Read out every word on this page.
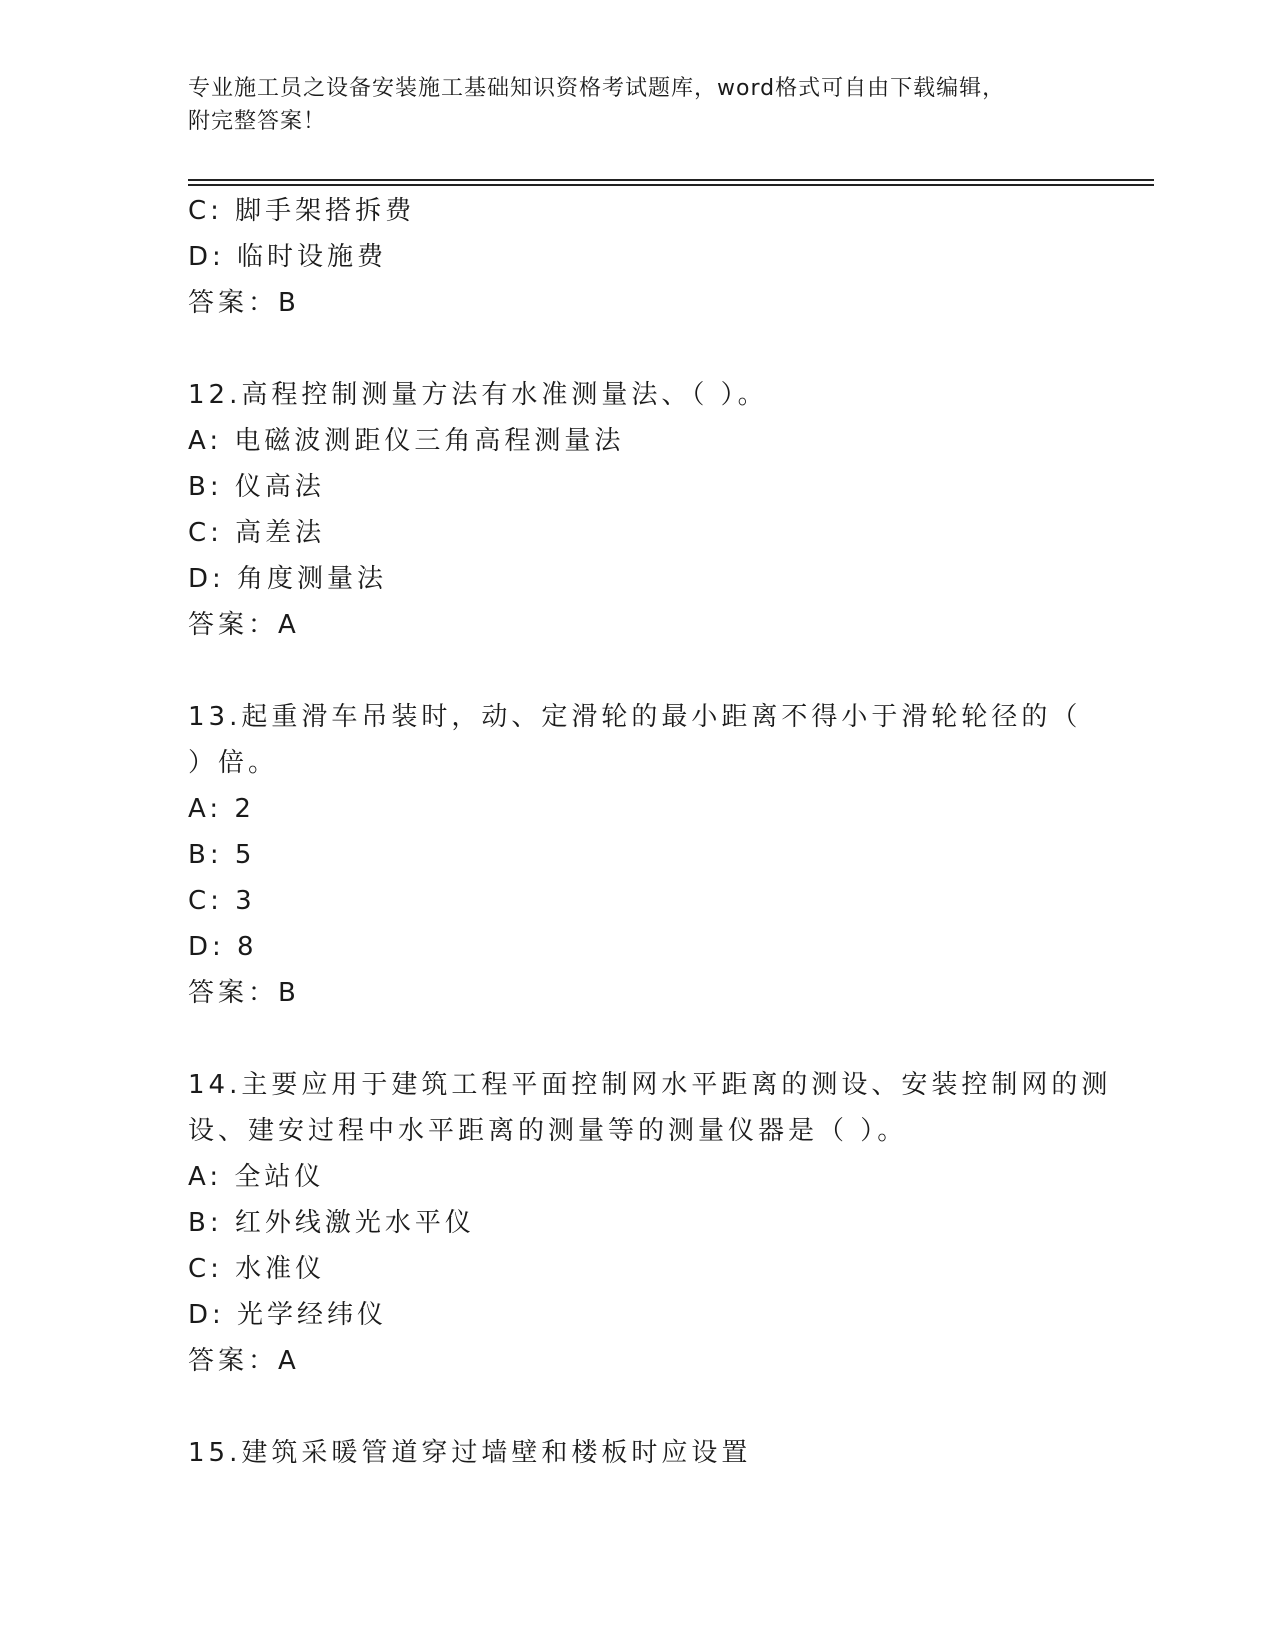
专业施工员之设备安装施工基础知识资格考试题库，word格式可自由下载编辑，
附完整答案！
C: 脚手架搭拆费
D: 临时设施费
答案：B
12.高程控制测量方法有水准测量法、（ ）。
A: 电磁波测距仪三角高程测量法
B: 仪高法
C: 高差法
D: 角度测量法
答案：A
13.起重滑车吊装时，动、定滑轮的最小距离不得小于滑轮轮径的（
）倍。
A: 2
B: 5
C: 3
D: 8
答案：B
14.主要应用于建筑工程平面控制网水平距离的测设、安装控制网的测
设、建安过程中水平距离的测量等的测量仪器是（ ）。
A: 全站仪
B: 红外线激光水平仪
C: 水准仪
D: 光学经纬仪
答案：A
15.建筑采暖管道穿过墙壁和楼板时应设置
